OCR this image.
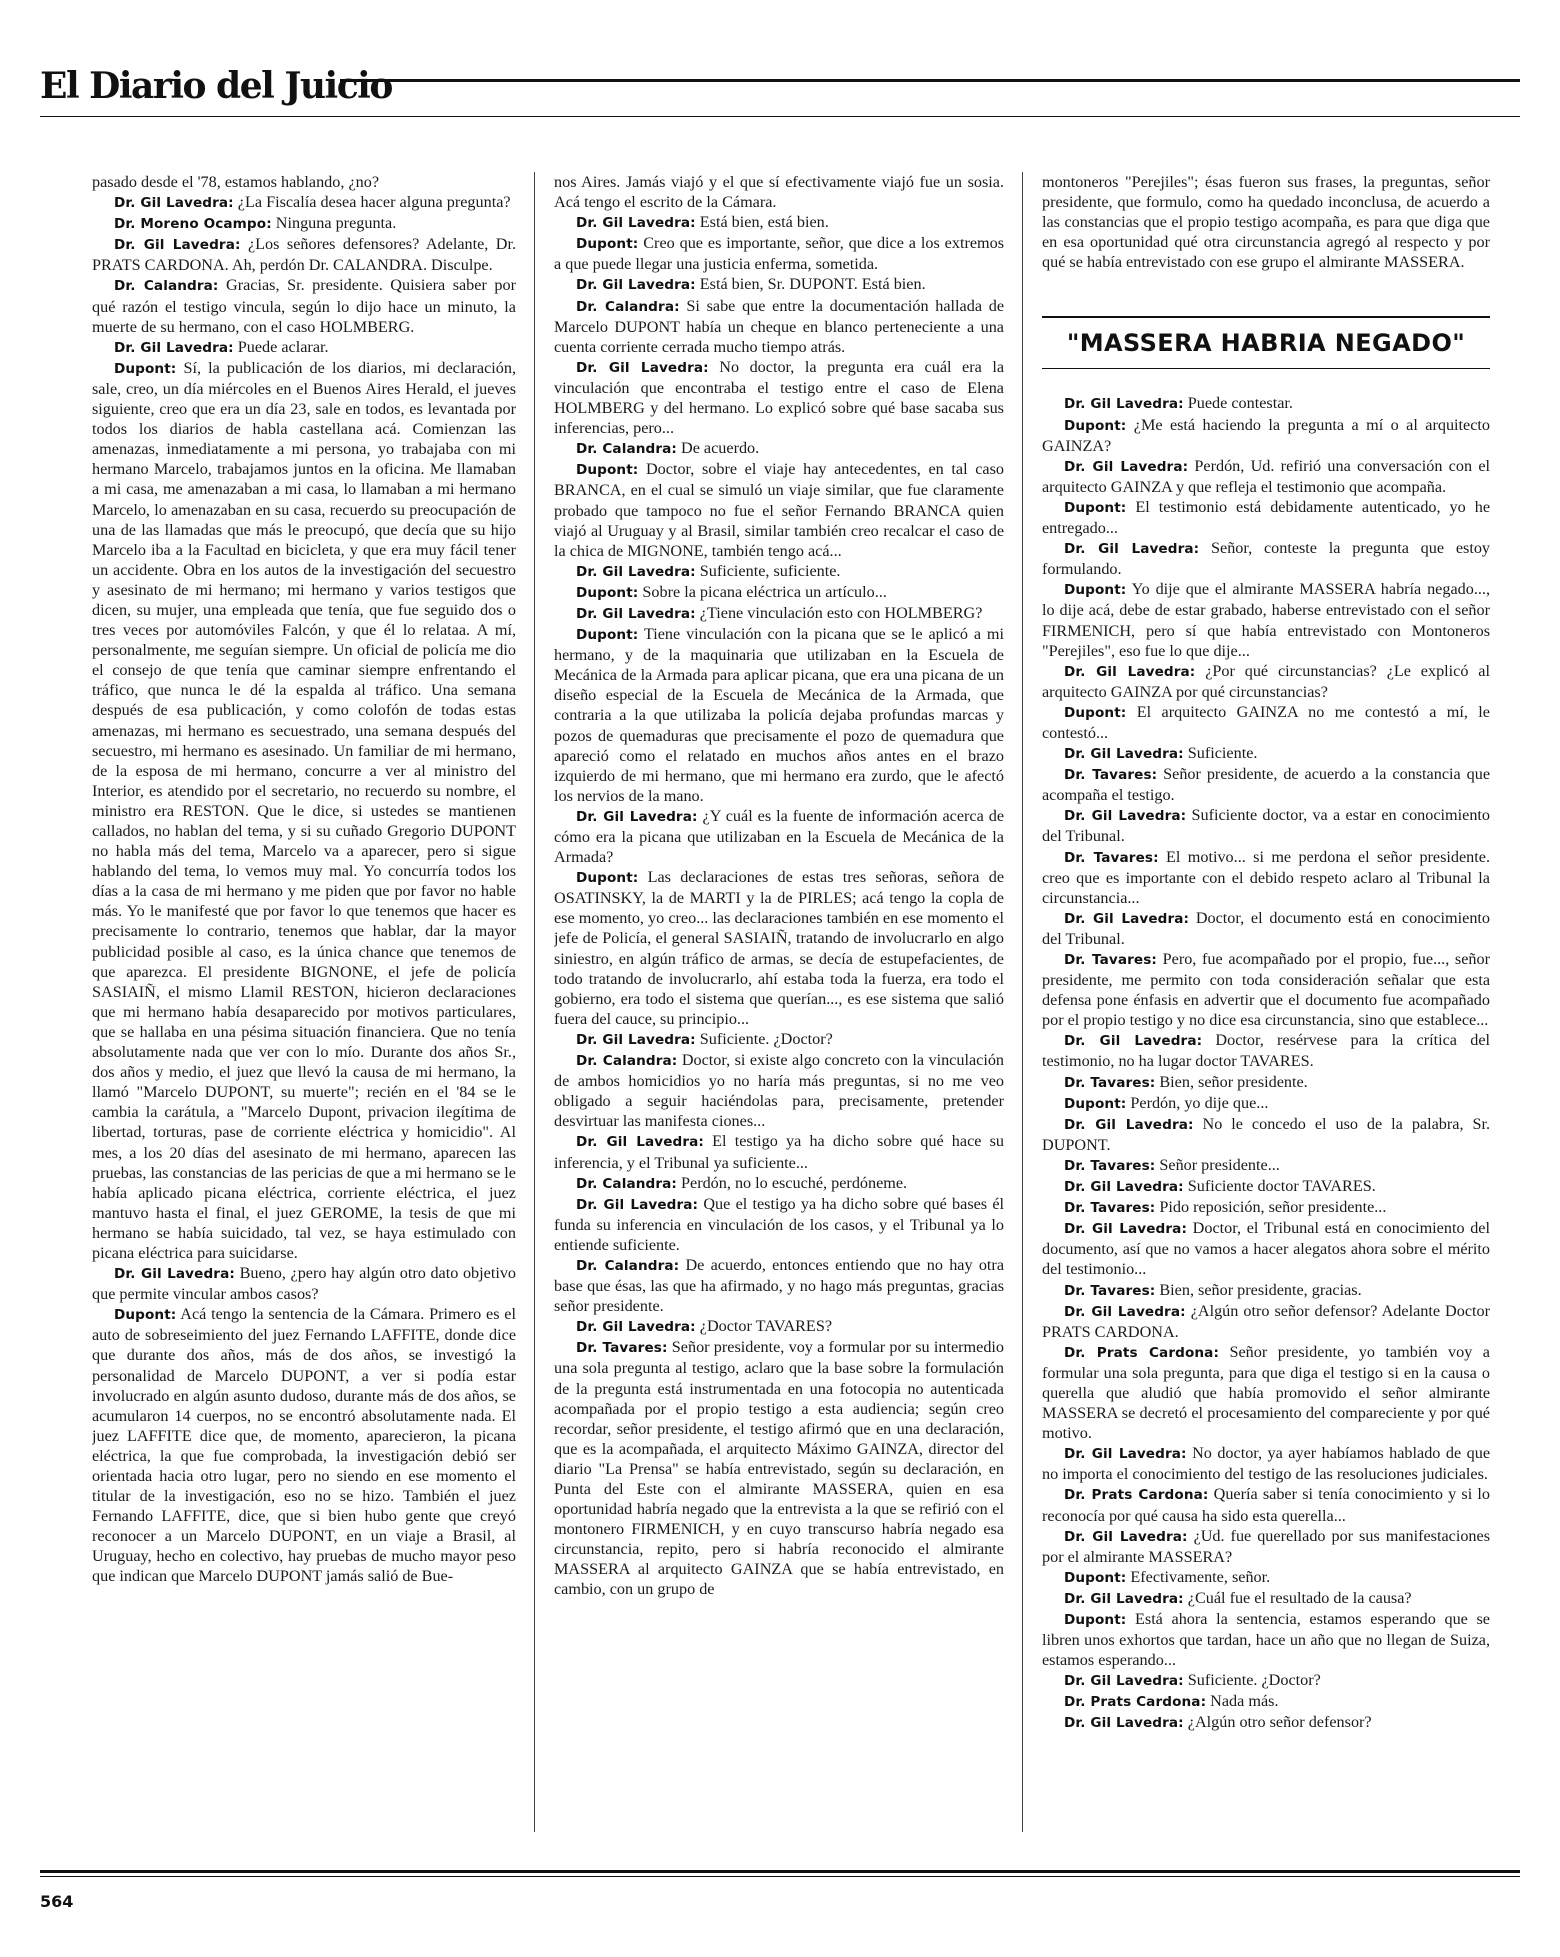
El Diario del Juicio

pasado desde el '78, estamos hablando, ¿no?

Dr. Gil Lavedra: ¿La Fiscalía desea hacer alguna pregunta?

Dr. Moreno Ocampo: Ninguna pregunta.

Dr. Gil Lavedra: ¿Los señores defensores? Adelante, Dr. PRATS CARDONA. Ah, perdón Dr. CALANDRA. Disculpe.

Dr. Calandra: Gracias, Sr. presidente. Quisiera saber por qué razón el testigo vincula, según lo dijo hace un minuto, la muerte de su hermano, con el caso HOLMBERG.

Dr. Gil Lavedra: Puede aclarar.

Dupont: Sí, la publicación de los diarios, mi declaración, sale, creo, un día miércoles en el Buenos Aires Herald, el jueves siguiente, creo que era un día 23, sale en todos, es levantada por todos los diarios de habla castellana acá. Comienzan las amenazas, inmediatamente a mi persona, yo trabajaba con mi hermano Marcelo, trabajamos juntos en la oficina. Me llamaban a mi casa, me amenazaban a mi casa, lo llamaban a mi hermano Marcelo, lo amenazaban en su casa, recuerdo su preocupación de una de las llamadas que más le preocupó, que decía que su hijo Marcelo iba a la Facultad en bicicleta, y que era muy fácil tener un accidente. Obra en los autos de la investigación del secuestro y asesinato de mi hermano; mi hermano y varios testigos que dicen, su mujer, una empleada que tenía, que fue seguido dos o tres veces por automóviles Falcón, y que él lo relataa. A mí, personalmente, me seguían siempre. Un oficial de policía me dio el consejo de que tenía que caminar siempre enfrentando el tráfico, que nunca le dé la espalda al tráfico. Una semana después de esa publicación, y como colofón de todas estas amenazas, mi hermano es secuestrado, una semana después del secuestro, mi hermano es asesinado. Un familiar de mi hermano, de la esposa de mi hermano, concurre a ver al ministro del Interior, es atendido por el secretario, no recuerdo su nombre, el ministro era RESTON. Que le dice, si ustedes se mantienen callados, no hablan del tema, y si su cuñado Gregorio DUPONT no habla más del tema, Marcelo va a aparecer, pero si sigue hablando del tema, lo vemos muy mal. Yo concurría todos los días a la casa de mi hermano y me piden que por favor no hable más. Yo le manifesté que por favor lo que tenemos que hacer es precisamente lo contrario, tenemos que hablar, dar la mayor publicidad posible al caso, es la única chance que tenemos de que aparezca. El presidente BIGNONE, el jefe de policía SASIAIÑ, el mismo Llamil RESTON, hicieron declaraciones que mi hermano había desaparecido por motivos particulares, que se hallaba en una pésima situación financiera. Que no tenía absolutamente nada que ver con lo mío. Durante dos años Sr., dos años y medio, el juez que llevó la causa de mi hermano, la llamó "Marcelo DUPONT, su muerte"; recién en el '84 se le cambia la carátula, a "Marcelo Dupont, privacion ilegítima de libertad, torturas, pase de corriente eléctrica y homicidio". Al mes, a los 20 días del asesinato de mi hermano, aparecen las pruebas, las constancias de las pericias de que a mi hermano se le había aplicado picana eléctrica, corriente eléctrica, el juez mantuvo hasta el final, el juez GEROME, la tesis de que mi hermano se había suicidado, tal vez, se haya estimulado con picana eléctrica para suicidarse.

Dr. Gil Lavedra: Bueno, ¿pero hay algún otro dato objetivo que permite vincular ambos casos?

Dupont: Acá tengo la sentencia de la Cámara. Primero es el auto de sobreseimiento del juez Fernando LAFFITE, donde dice que durante dos años, más de dos años, se investigó la personalidad de Marcelo DUPONT, a ver si podía estar involucrado en algún asunto dudoso, durante más de dos años, se acumularon 14 cuerpos, no se encontró absolutamente nada. El juez LAFFITE dice que, de momento, aparecieron, la picana eléctrica, la que fue comprobada, la investigación debió ser orientada hacia otro lugar, pero no siendo en ese momento el titular de la investigación, eso no se hizo. También el juez Fernando LAFFITE, dice, que si bien hubo gente que creyó reconocer a un Marcelo DUPONT, en un viaje a Brasil, al Uruguay, hecho en colectivo, hay pruebas de mucho mayor peso que indican que Marcelo DUPONT jamás salió de Bue-

nos Aires. Jamás viajó y el que sí efectivamente viajó fue un sosia. Acá tengo el escrito de la Cámara.

Dr. Gil Lavedra: Está bien, está bien.

Dupont: Creo que es importante, señor, que dice a los extremos a que puede llegar una justicia enferma, sometida.

Dr. Gil Lavedra: Está bien, Sr. DUPONT. Está bien.

Dr. Calandra: Si sabe que entre la documentación hallada de Marcelo DUPONT había un cheque en blanco perteneciente a una cuenta corriente cerrada mucho tiempo atrás.

Dr. Gil Lavedra: No doctor, la pregunta era cuál era la vinculación que encontraba el testigo entre el caso de Elena HOLMBERG y del hermano. Lo explicó sobre qué base sacaba sus inferencias, pero...

Dr. Calandra: De acuerdo.

Dupont: Doctor, sobre el viaje hay antecedentes, en tal caso BRANCA, en el cual se simuló un viaje similar, que fue claramente probado que tampoco no fue el señor Fernando BRANCA quien viajó al Uruguay y al Brasil, similar también creo recalcar el caso de la chica de MIGNONE, también tengo acá...

Dr. Gil Lavedra: Suficiente, suficiente.

Dupont: Sobre la picana eléctrica un artículo...

Dr. Gil Lavedra: ¿Tiene vinculación esto con HOLMBERG?

Dupont: Tiene vinculación con la picana que se le aplicó a mi hermano, y de la maquinaria que utilizaban en la Escuela de Mecánica de la Armada para aplicar picana, que era una picana de un diseño especial de la Escuela de Mecánica de la Armada, que contraria a la que utilizaba la policía dejaba profundas marcas y pozos de quemaduras que precisamente el pozo de quemadura que apareció como el relatado en muchos años antes en el brazo izquierdo de mi hermano, que mi hermano era zurdo, que le afectó los nervios de la mano.

Dr. Gil Lavedra: ¿Y cuál es la fuente de información acerca de cómo era la picana que utilizaban en la Escuela de Mecánica de la Armada?

Dupont: Las declaraciones de estas tres señoras, señora de OSATINSKY, la de MARTI y la de PIRLES; acá tengo la copla de ese momento, yo creo... las declaraciones también en ese momento el jefe de Policía, el general SASIAIÑ, tratando de involucrarlo en algo siniestro, en algún tráfico de armas, se decía de estupefacientes, de todo tratando de involucrarlo, ahí estaba toda la fuerza, era todo el gobierno, era todo el sistema que querían..., es ese sistema que salió fuera del cauce, su principio...

Dr. Gil Lavedra: Suficiente. ¿Doctor?

Dr. Calandra: Doctor, si existe algo concreto con la vinculación de ambos homicidios yo no haría más preguntas, si no me veo obligado a seguir haciéndolas para, precisamente, pretender desvirtuar las manifesta ciones...

Dr. Gil Lavedra: El testigo ya ha dicho sobre qué hace su inferencia, y el Tribunal ya suficiente...

Dr. Calandra: Perdón, no lo escuché, perdóneme.

Dr. Gil Lavedra: Que el testigo ya ha dicho sobre qué bases él funda su inferencia en vinculación de los casos, y el Tribunal ya lo entiende suficiente.

Dr. Calandra: De acuerdo, entonces entiendo que no hay otra base que ésas, las que ha afirmado, y no hago más preguntas, gracias señor presidente.

Dr. Gil Lavedra: ¿Doctor TAVARES?

Dr. Tavares: Señor presidente, voy a formular por su intermedio una sola pregunta al testigo, aclaro que la base sobre la formulación de la pregunta está instrumentada en una fotocopia no autenticada acompañada por el propio testigo a esta audiencia; según creo recordar, señor presidente, el testigo afirmó que en una declaración, que es la acompañada, el arquitecto Máximo GAINZA, director del diario "La Prensa" se había entrevistado, según su declaración, en Punta del Este con el almirante MASSERA, quien en esa oportunidad habría negado que la entrevista a la que se refirió con el montonero FIRMENICH, y en cuyo transcurso habría negado esa circunstancia, repito, pero si habría reconocido el almirante MASSERA al arquitecto GAINZA que se había entrevistado, en cambio, con un grupo de

montoneros "Perejiles"; ésas fueron sus frases, la preguntas, señor presidente, que formulo, como ha quedado inconclusa, de acuerdo a las constancias que el propio testigo acompaña, es para que diga que en esa oportunidad qué otra circunstancia agregó al respecto y por qué se había entrevistado con ese grupo el almirante MASSERA.

"MASSERA HABRIA NEGADO"

Dr. Gil Lavedra: Puede contestar.

Dupont: ¿Me está haciendo la pregunta a mí o al arquitecto GAINZA?

Dr. Gil Lavedra: Perdón, Ud. refirió una conversación con el arquitecto GAINZA y que refleja el testimonio que acompaña.

Dupont: El testimonio está debidamente autenticado, yo he entregado...

Dr. Gil Lavedra: Señor, conteste la pregunta que estoy formulando.

Dupont: Yo dije que el almirante MASSERA habría negado..., lo dije acá, debe de estar grabado, haberse entrevistado con el señor FIRMENICH, pero sí que había entrevistado con Montoneros "Perejiles", eso fue lo que dije...

Dr. Gil Lavedra: ¿Por qué circunstancias? ¿Le explicó al arquitecto GAINZA por qué circunstancias?

Dupont: El arquitecto GAINZA no me contestó a mí, le contestó...

Dr. Gil Lavedra: Suficiente.

Dr. Tavares: Señor presidente, de acuerdo a la constancia que acompaña el testigo.

Dr. Gil Lavedra: Suficiente doctor, va a estar en conocimiento del Tribunal.

Dr. Tavares: El motivo... si me perdona el señor presidente. creo que es importante con el debido respeto aclaro al Tribunal la circunstancia...

Dr. Gil Lavedra: Doctor, el documento está en conocimiento del Tribunal.

Dr. Tavares: Pero, fue acompañado por el propio, fue..., señor presidente, me permito con toda consideración señalar que esta defensa pone énfasis en advertir que el documento fue acompañado por el propio testigo y no dice esa circunstancia, sino que establece...

Dr. Gil Lavedra: Doctor, resérvese para la crítica del testimonio, no ha lugar doctor TAVARES.

Dr. Tavares: Bien, señor presidente.

Dupont: Perdón, yo dije que...

Dr. Gil Lavedra: No le concedo el uso de la palabra, Sr. DUPONT.

Dr. Tavares: Señor presidente...

Dr. Gil Lavedra: Suficiente doctor TAVARES.

Dr. Tavares: Pido reposición, señor presidente...

Dr. Gil Lavedra: Doctor, el Tribunal está en conocimiento del documento, así que no vamos a hacer alegatos ahora sobre el mérito del testimonio...

Dr. Tavares: Bien, señor presidente, gracias.

Dr. Gil Lavedra: ¿Algún otro señor defensor? Adelante Doctor PRATS CARDONA.

Dr. Prats Cardona: Señor presidente, yo también voy a formular una sola pregunta, para que diga el testigo si en la causa o querella que aludió que había promovido el señor almirante MASSERA se decretó el procesamiento del compareciente y por qué motivo.

Dr. Gil Lavedra: No doctor, ya ayer habíamos hablado de que no importa el conocimiento del testigo de las resoluciones judiciales.

Dr. Prats Cardona: Quería saber si tenía conocimiento y si lo reconocía por qué causa ha sido esta querella...

Dr. Gil Lavedra: ¿Ud. fue querellado por sus manifestaciones por el almirante MASSERA?

Dupont: Efectivamente, señor.

Dr. Gil Lavedra: ¿Cuál fue el resultado de la causa?

Dupont: Está ahora la sentencia, estamos esperando que se libren unos exhortos que tardan, hace un año que no llegan de Suiza, estamos esperando...

Dr. Gil Lavedra: Suficiente. ¿Doctor?

Dr. Prats Cardona: Nada más.

Dr. Gil Lavedra: ¿Algún otro señor defensor?

564
